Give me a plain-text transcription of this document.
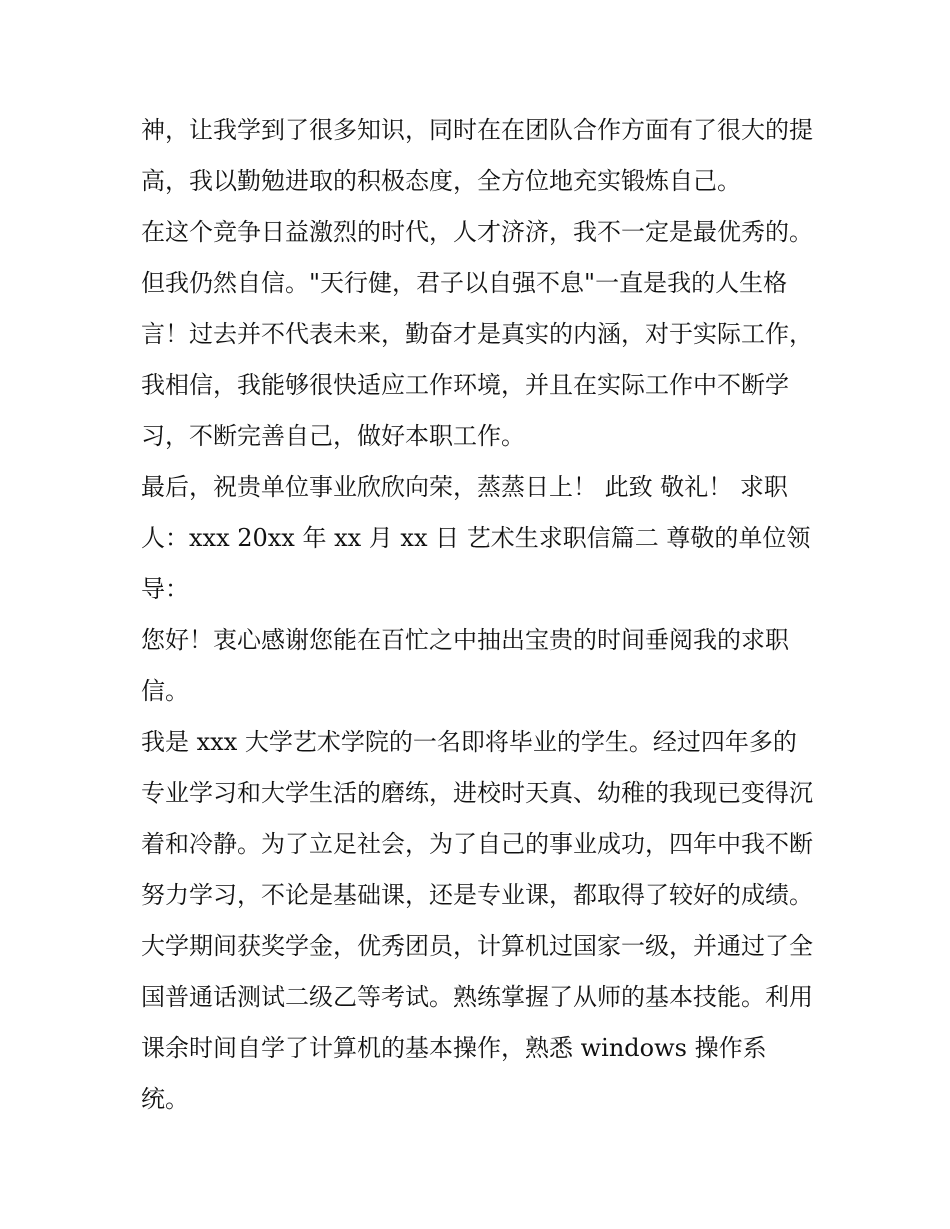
神，让我学到了很多知识，同时在在团队合作方面有了很大的提高，我以勤勉进取的积极态度，全方位地充实锻炼自己。

在这个竞争日益激烈的时代，人才济济，我不一定是最优秀的。但我仍然自信。"天行健，君子以自强不息"一直是我的人生格言！过去并不代表未来，勤奋才是真实的内涵，对于实际工作，我相信，我能够很快适应工作环境，并且在实际工作中不断学习，不断完善自己，做好本职工作。

最后，祝贵单位事业欣欣向荣，蒸蒸日上！ 此致 敬礼！ 求职人：xxx 20xx 年 xx 月 xx 日 艺术生求职信篇二 尊敬的单位领导：

您好！衷心感谢您能在百忙之中抽出宝贵的时间垂阅我的求职信。

我是 xxx 大学艺术学院的一名即将毕业的学生。经过四年多的专业学习和大学生活的磨练，进校时天真、幼稚的我现已变得沉着和冷静。为了立足社会，为了自己的事业成功，四年中我不断努力学习，不论是基础课，还是专业课，都取得了较好的成绩。大学期间获奖学金，优秀团员，计算机过国家一级，并通过了全国普通话测试二级乙等考试。熟练掌握了从师的基本技能。利用课余时间自学了计算机的基本操作，熟悉 windows 操作系统。
